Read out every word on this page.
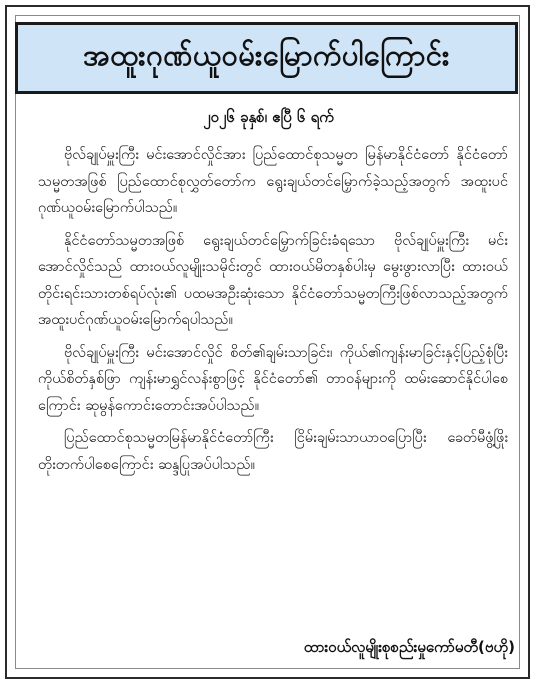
အထူးဂုဏ်ယူဝမ်းမြောက်ပါကြောင်း
၂၀၂၆ ခုနှစ်၊ ဧပြီ ၆ ရက်

ဗိုလ်ချုပ်မှူးကြီး မင်းအောင်လှိုင်အား ပြည်ထောင်စုသမ္မတ မြန်မာနိုင်ငံတော် နိုင်ငံတော်သမ္မတအဖြစ် ပြည်ထောင်စုလွှတ်တော်က ရွေးချယ်တင်မြှောက်ခဲ့သည့်အတွက် အထူးပင်ဂုဏ်ယူဝမ်းမြောက်ပါသည်။

နိုင်ငံတော်သမ္မတအဖြစ် ရွေးချယ်တင်မြှောက်ခြင်းခံရသော ဗိုလ်ချုပ်မှူးကြီး မင်းအောင်လှိုင်သည် ထားဝယ်လူမျိုးသမိုင်းတွင် ထားဝယ်မိတနှစ်ပါးမှ မွေးဖွားလာပြီး ထားဝယ်တိုင်းရင်းသားတစ်ရပ်လုံး၏ ပထမအဦးဆုံးသော နိုင်ငံတော်သမ္မတကြီးဖြစ်လာသည့်အတွက် အထူးပင်ဂုဏ်ယူဝမ်းမြောက်ရပါသည်။

ဗိုလ်ချုပ်မှူးကြီး မင်းအောင်လှိုင် စိတ်၏ချမ်းသာခြင်း၊ ကိုယ်၏ကျန်းမာခြင်းနှင့်ပြည့်စုံပြီး ကိုယ်စိတ်နှစ်ဖြာ ကျန်းမာရွှင်လန်းစွာဖြင့် နိုင်ငံတော်၏ တာဝန်များကို ထမ်းဆောင်နိုင်ပါစေကြောင်း ဆုမွန်ကောင်းတောင်းအပ်ပါသည်။

ပြည်ထောင်စုသမ္မတမြန်မာနိုင်ငံတော်ကြီး ငြိမ်းချမ်းသာယာဝပြောပြီး ခေတ်မီဖွံ့ဖြိုးတိုးတက်ပါစေကြောင်း ဆန္ဒပြုအပ်ပါသည်။

ထားဝယ်လူမျိုးစုစည်းမှုကော်မတီ(ဗဟို)
